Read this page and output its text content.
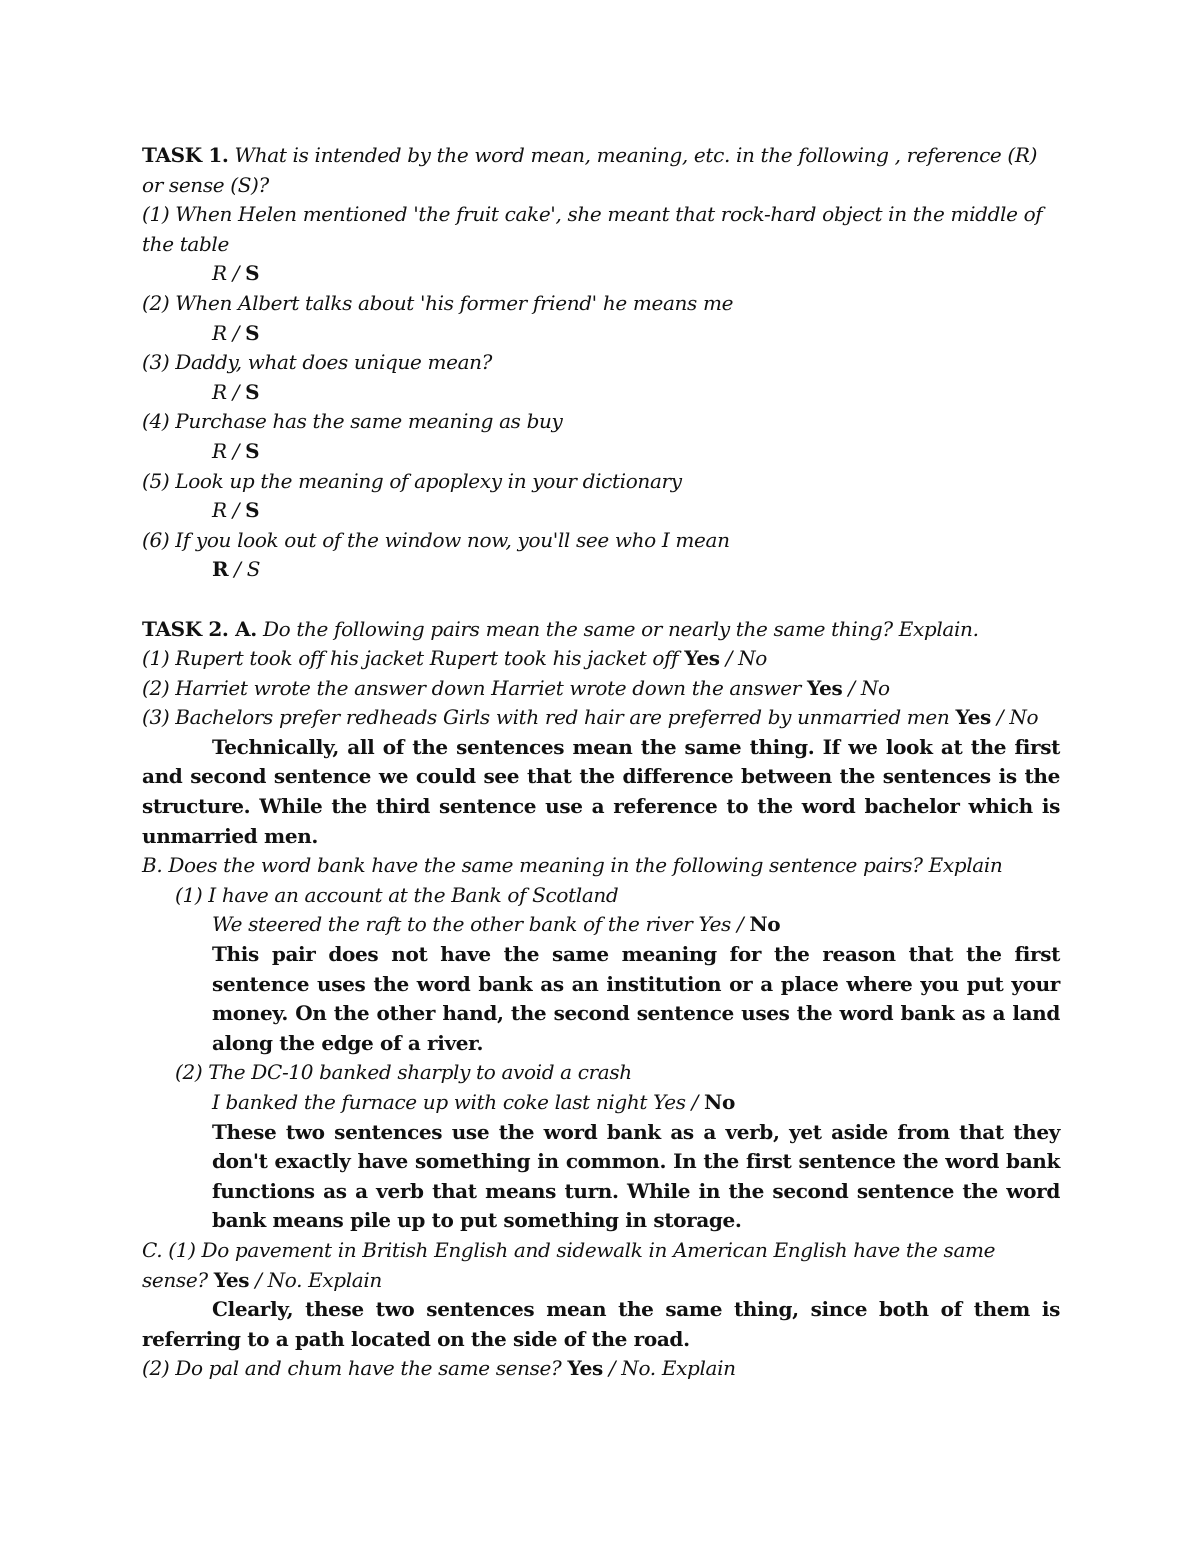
TASK 1. What is intended by the word mean, meaning, etc. in the following , reference (R) or sense (S)?
(1) When Helen mentioned 'the fruit cake', she meant that rock-hard object in the middle of the table
R / S
(2) When Albert talks about 'his former friend' he means me
R / S
(3) Daddy, what does unique mean?
R / S
(4) Purchase has the same meaning as buy
R / S
(5) Look up the meaning of apoplexy in your dictionary
R / S
(6) If you look out of the window now, you'll see who I mean
R / S
TASK 2. A. Do the following pairs mean the same or nearly the same thing? Explain.
(1) Rupert took off his jacket Rupert took his jacket off Yes / No
(2) Harriet wrote the answer down Harriet wrote down the answer Yes / No
(3) Bachelors prefer redheads Girls with red hair are preferred by unmarried men Yes / No
Technically, all of the sentences mean the same thing. If we look at the first and second sentence we could see that the difference between the sentences is the structure. While the third sentence use a reference to the word bachelor which is unmarried men.
B. Does the word bank have the same meaning in the following sentence pairs? Explain
(1) I have an account at the Bank of Scotland
We steered the raft to the other bank of the river Yes / No
This pair does not have the same meaning for the reason that the first sentence uses the word bank as an institution or a place where you put your money. On the other hand, the second sentence uses the word bank as a land along the edge of a river.
(2) The DC-10 banked sharply to avoid a crash
I banked the furnace up with coke last night Yes / No
These two sentences use the word bank as a verb, yet aside from that they don't exactly have something in common. In the first sentence the word bank functions as a verb that means turn. While in the second sentence the word bank means pile up to put something in storage.
C. (1) Do pavement in British English and sidewalk in American English have the same sense? Yes / No. Explain
Clearly, these two sentences mean the same thing, since both of them is referring to a path located on the side of the road.
(2) Do pal and chum have the same sense? Yes / No. Explain
